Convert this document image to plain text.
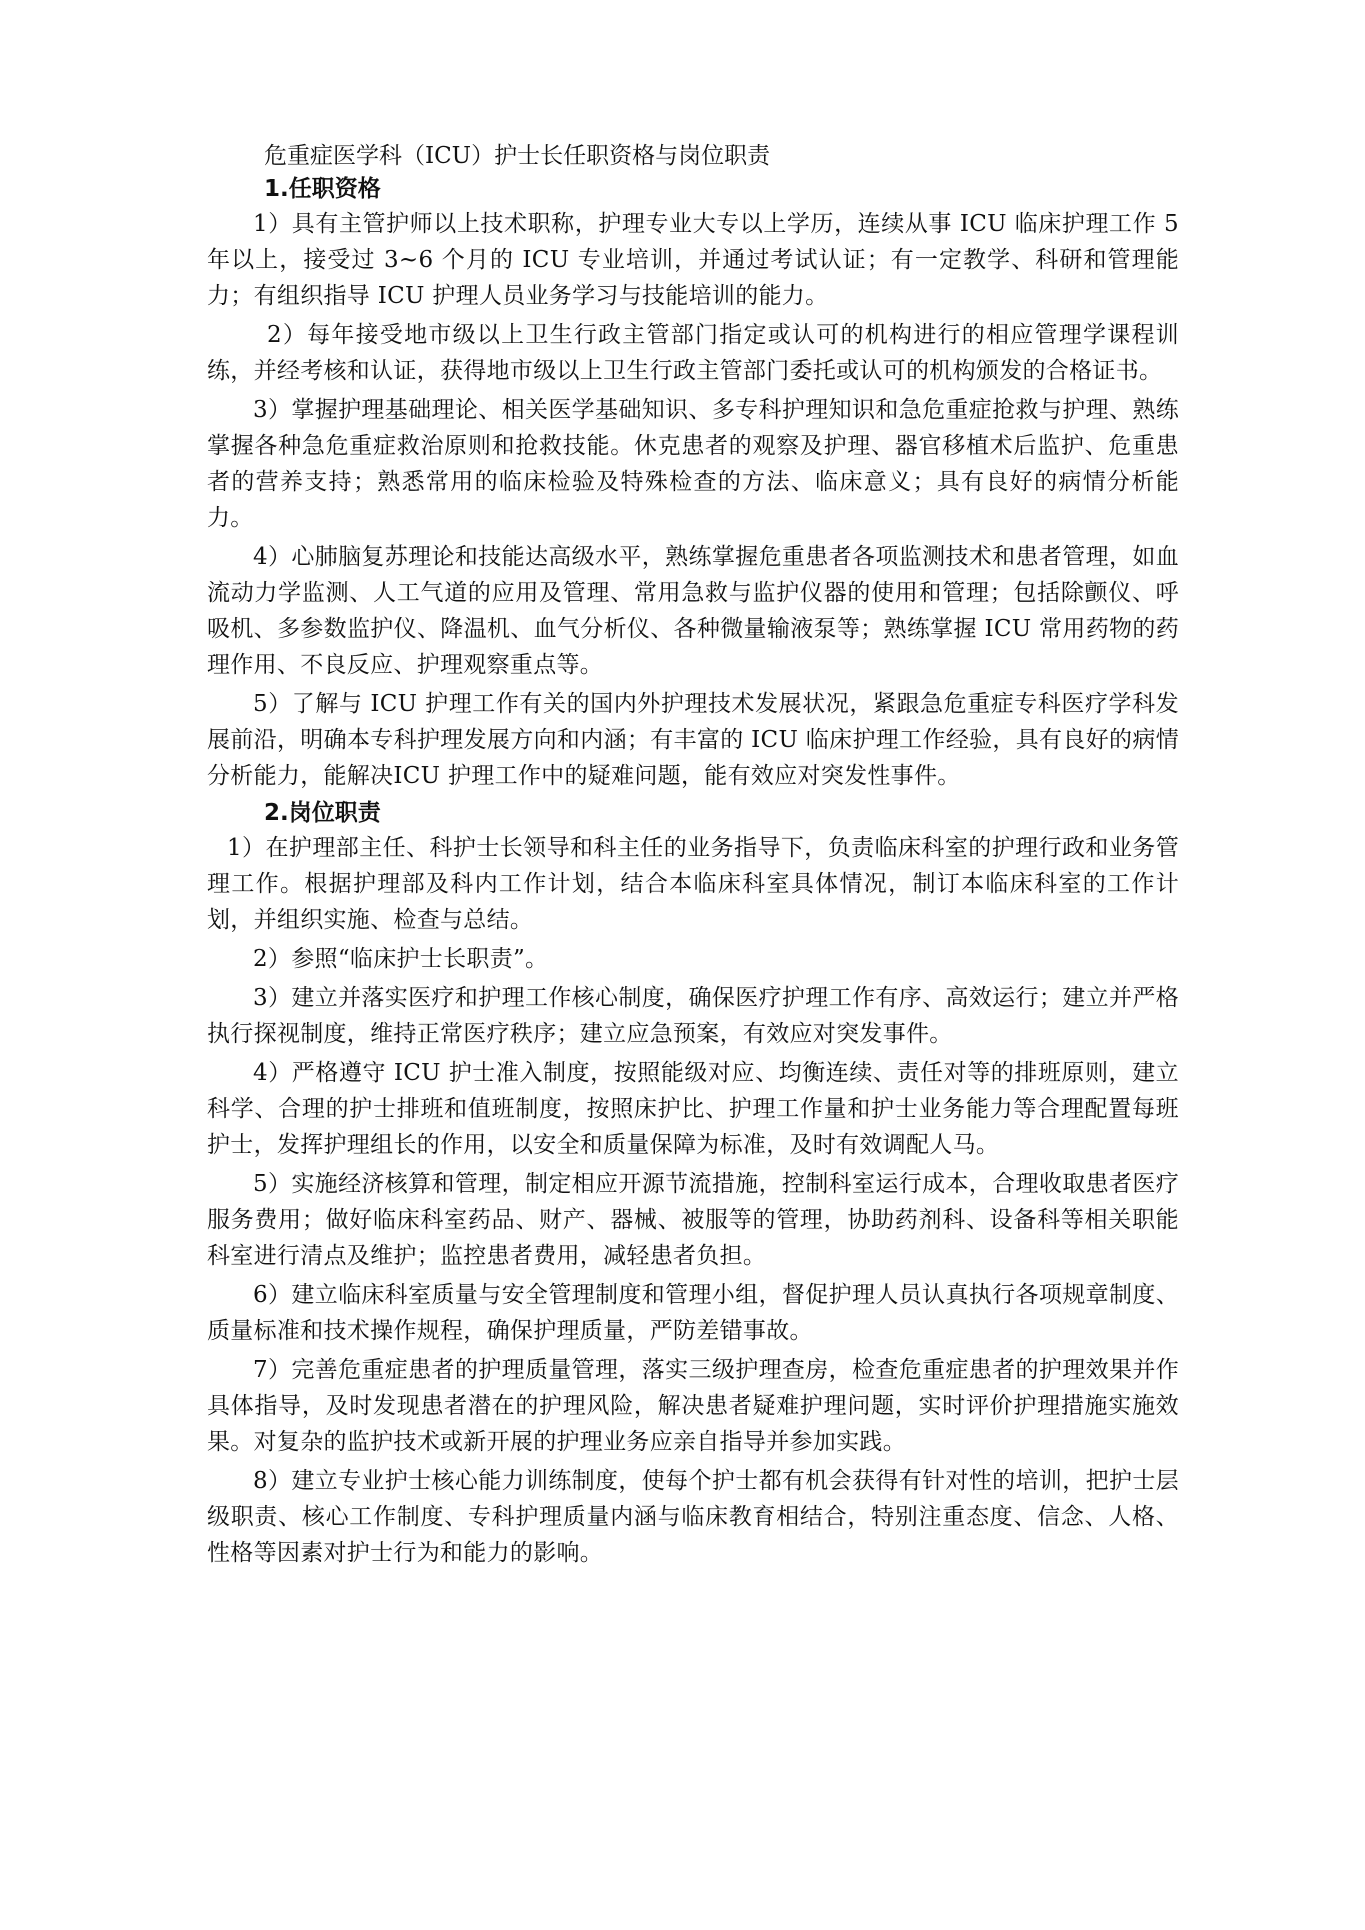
危重症医学科（ICU）护士长任职资格与岗位职责
1.任职资格

1）具有主管护师以上技术职称，护理专业大专以上学历，连续从事 ICU 临床护理工作 5 年以上，接受过 3~6 个月的 ICU 专业培训，并通过考试认证；有一定教学、科研和管理能力；有组织指导 ICU 护理人员业务学习与技能培训的能力。

2）每年接受地市级以上卫生行政主管部门指定或认可的机构进行的相应管理学课程训练，并经考核和认证，获得地市级以上卫生行政主管部门委托或认可的机构颁发的合格证书。

3）掌握护理基础理论、相关医学基础知识、多专科护理知识和急危重症抢救与护理、熟练掌握各种急危重症救治原则和抢救技能。休克患者的观察及护理、器官移植术后监护、危重患者的营养支持；熟悉常用的临床检验及特殊检查的方法、临床意义；具有良好的病情分析能力。

4）心肺脑复苏理论和技能达高级水平，熟练掌握危重患者各项监测技术和患者管理，如血流动力学监测、人工气道的应用及管理、常用急救与监护仪器的使用和管理；包括除颤仪、呼吸机、多参数监护仪、降温机、血气分析仪、各种微量输液泵等；熟练掌握 ICU 常用药物的药理作用、不良反应、护理观察重点等。

5）了解与 ICU 护理工作有关的国内外护理技术发展状况，紧跟急危重症专科医疗学科发展前沿，明确本专科护理发展方向和内涵；有丰富的 ICU 临床护理工作经验，具有良好的病情分析能力，能解决ICU 护理工作中的疑难问题，能有效应对突发性事件。

2.岗位职责

1）在护理部主任、科护士长领导和科主任的业务指导下，负责临床科室的护理行政和业务管理工作。根据护理部及科内工作计划，结合本临床科室具体情况，制订本临床科室的工作计划，并组织实施、检查与总结。

2）参照“临床护士长职责”。

3）建立并落实医疗和护理工作核心制度，确保医疗护理工作有序、高效运行；建立并严格执行探视制度，维持正常医疗秩序；建立应急预案，有效应对突发事件。

4）严格遵守 ICU 护士准入制度，按照能级对应、均衡连续、责任对等的排班原则，建立科学、合理的护士排班和值班制度，按照床护比、护理工作量和护士业务能力等合理配置每班护士，发挥护理组长的作用，以安全和质量保障为标准，及时有效调配人马。

5）实施经济核算和管理，制定相应开源节流措施，控制科室运行成本，合理收取患者医疗服务费用；做好临床科室药品、财产、器械、被服等的管理，协助药剂科、设备科等相关职能科室进行清点及维护；监控患者费用，减轻患者负担。

6）建立临床科室质量与安全管理制度和管理小组，督促护理人员认真执行各项规章制度、质量标准和技术操作规程，确保护理质量，严防差错事故。

7）完善危重症患者的护理质量管理，落实三级护理查房，检查危重症患者的护理效果并作具体指导，及时发现患者潜在的护理风险，解决患者疑难护理问题，实时评价护理措施实施效果。对复杂的监护技术或新开展的护理业务应亲自指导并参加实践。

8）建立专业护士核心能力训练制度，使每个护士都有机会获得有针对性的培训，把护士层级职责、核心工作制度、专科护理质量内涵与临床教育相结合，特别注重态度、信念、人格、性格等因素对护士行为和能力的影响。
